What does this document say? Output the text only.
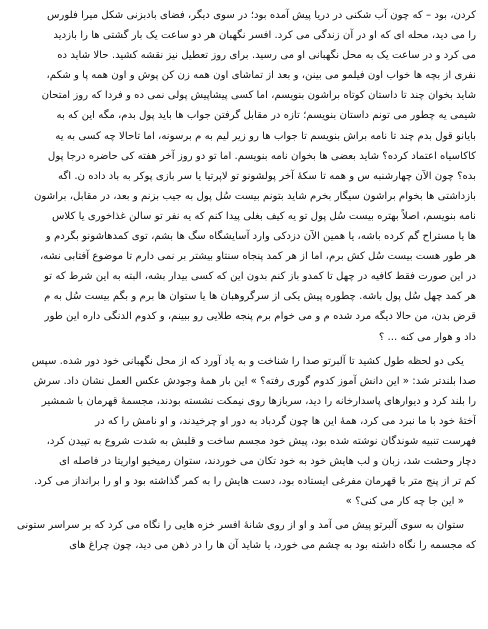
کردن، بود – که چون آب شکنی در دریا پیش آمده بود؛ در سوی دیگر، فضای بادبزنی شکل میرا فلورس
را می دید، محله ای که او در آن زندگی می کرد. افسر نگهبان هر دو ساعت یک بار گشتی ها را بازدید
می کرد و در ساعت یک به محل نگهبانی او می رسید. برای روز تعطیل نیز نقشه کشید. حالا شاید ده
نفری از بچه ها خواب اون فیلمو می بینن، و بعد از تماشای اون همه زن کن پوش و اون همه پا و شکم،
شاید بخوان چند تا داستان کوتاه براشون بنویسم، اما کسی پیشاپیش پولی نمی ده و فردا که روز امتحان
شیمی یه چطور می تونم داستان بنویسم؛ تازه در مقابل گرفتن جواب ها باید پول بدم، مگه این که به
بایانو قول بدم چند تا نامه براش بنویسم تا جواب ها رو زیر لیم به م برسونه، اما تاحالا چه کسی به یه
کاکاسیاه اعتماد کرده؟ شاید بعضی ها بخوان نامه بنویسم. اما تو دو روز آخر هفته کی حاضره درجا پول
بده؟ چون الآن چهارشنبه س و همه تا سکهٔ آخر پولشونو تو لاپرتیا یا سر بازی پوکر به باد داده ن. اگه
بازداشتی ها بخوام براشون سیگار بخرم شاید بتونم بیست سُل پول به جیب بزنم و بعد، در مقابل، براشون
نامه بنویسم، اصلاً بهتره بیست سُل پول تو یه کیف بغلی پیدا کنم که یه نفر تو سالن غذاخوری یا کلاس
ها یا مستراح گم کرده باشه، یا همین الآن دزدکی وارد آسایشگاه سگ ها بشم، توی کمدهاشونو بگردم و
هر طور هست بیست سُل کش برم، اما از هر کمد پنجاه سنتاو بیشتر بر نمی دارم تا موضوع آفتابی نشه،
در این صورت فقط کافیه در چهل تا کمدو باز کنم بدون این که کسی بیدار بشه، البته به این شرط که تو
هر کمد چهل سُل پول باشه. چطوره پیش یکی از سرگروهبان ها یا ستوان ها برم و بگم بیست سُل به م
قرض بدن، من حالا دیگه مرد شده م و می خوام برم پنجه طلایی رو ببینم، و کدوم الدنگی داره این طور
داد و هوار می کنه ... ؟
یکی دو لحظه طول کشید تا آلبرتو صدا را شناخت و به یاد آورد که از محل نگهبانی خود دور شده. سپس
صدا بلندتر شد: « این دانش آموز کدوم گوری رفته؟ » این بار همهٔ وجودش عکس العمل نشان داد. سرش
را بلند کرد و دیوارهای پاسدارخانه را دید، سربازها روی نیمکت نشسته بودند، مجسمهٔ قهرمان با شمشیر
آختهٔ خود با ما نبرد می کرد، همهٔ این ها چون گردباد به دور او چرخیدند، و او نامش را که در
فهرست تنبیه شوندگان نوشته شده بود، پیش خود مجسم ساخت و قلبش به شدت شروع به تپیدن کرد،
دچار وحشت شد، زبان و لب هایش خود به خود تکان می خوردند، ستوان رمیخیو اواریتا در فاصله ای
کم تر از پنج متر با قهرمان مفرغی ایستاده بود، دست هایش را به کمر گذاشته بود و او را برانداز می کرد.
« این جا چه کار می کنی؟ »
ستوان به سوی آلبرتو پیش می آمد و او از روی شانهٔ افسر خزه هایی را نگاه می کرد که بر سراسر ستونی
که مجسمه را نگاه داشته بود به چشم می خورد، یا شاید آن ها را در ذهن می دید، چون چراغ های
